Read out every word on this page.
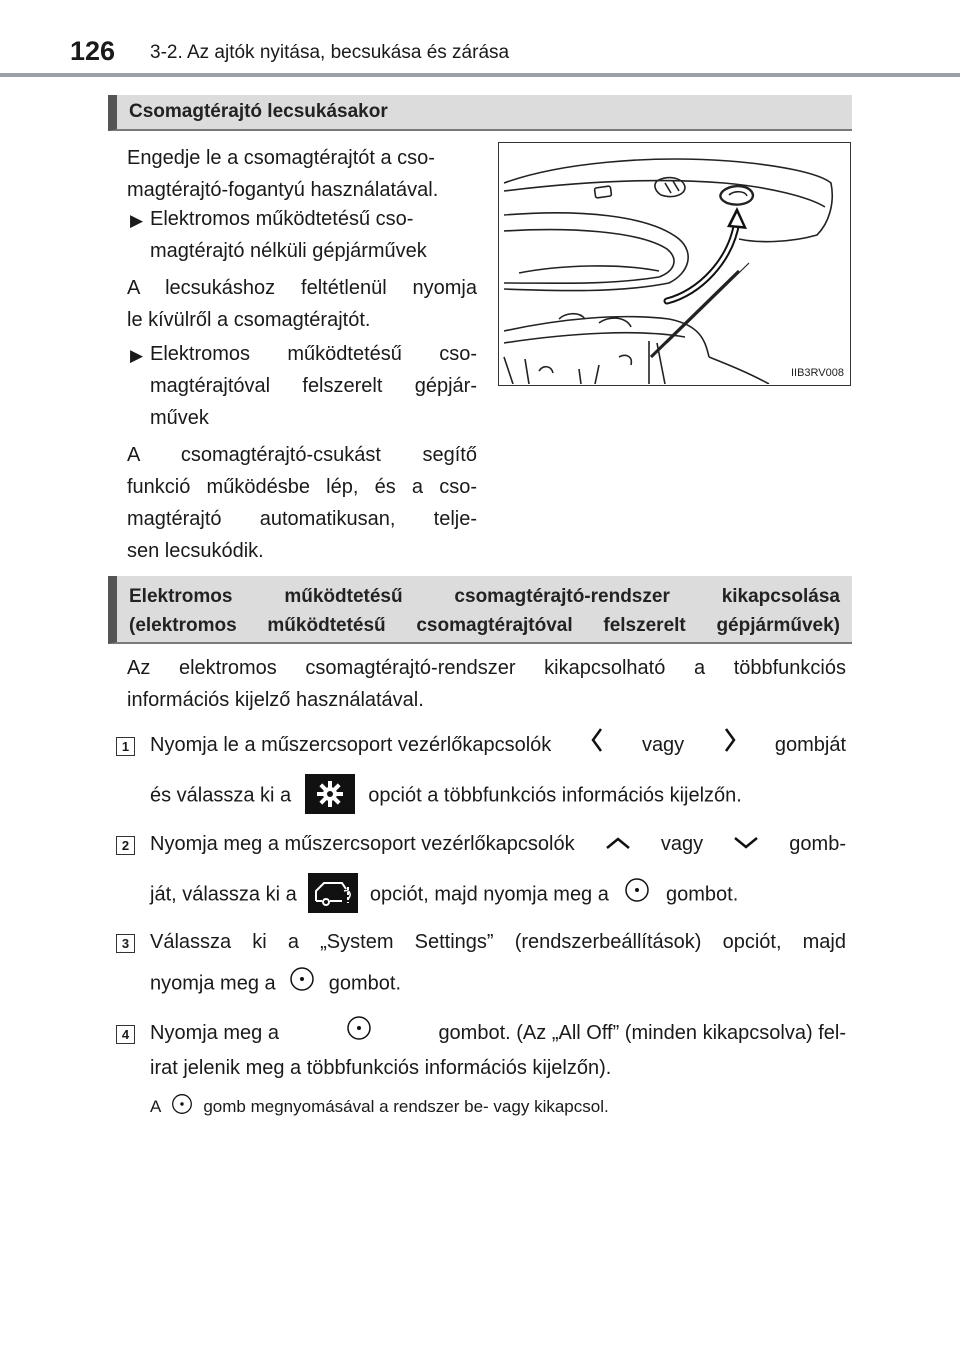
126 3-2. Az ajtók nyitása, becsukása és zárása
Csomagtérajtó lecsukásakor
Engedje le a csomagtérajtót a cso-
magtérajtó-fogantyú használatával.
▶ Elektromos működtetésű cso-
magtérajtó nélküli gépjárművek
A lecsukáshoz feltétlenül nyomja
le kívülről a csomagtérajtót.
▶ Elektromos működtetésű cso-
magtérajtóval felszerelt gépjár-
művek
A csomagtérajtó-csukást segítő
funkció működésbe lép, és a cso-
magtérajtó automatikusan, telje-
sen lecsukódik.
IIB3RV008
Elektromos működtetésű csomagtérajtó-rendszer kikapcsolása
(elektromos működtetésű csomagtérajtóval felszerelt gépjárművek)
Az elektromos csomagtérajtó-rendszer kikapcsolható a többfunkciós
információs kijelző használatával.
1 Nyomja le a műszercsoport vezérlőkapcsolók	vagy	gombját
és válassza ki a	opciót a többfunkciós információs kijelzőn.
2 Nyomja meg a műszercsoport vezérlőkapcsolók	vagy	gomb-
ját, válassza ki a	opciót, majd nyomja meg a	gombot.
3 Válassza ki a „System Settings” (rendszerbeállítások) opciót, majd
nyomja meg a	gombot.
4 Nyomja meg a	gombot. (Az „All Off” (minden kikapcsolva) fel-
irat jelenik meg a többfunkciós információs kijelzőn).
A gomb megnyomásával a rendszer be- vagy kikapcsol.
